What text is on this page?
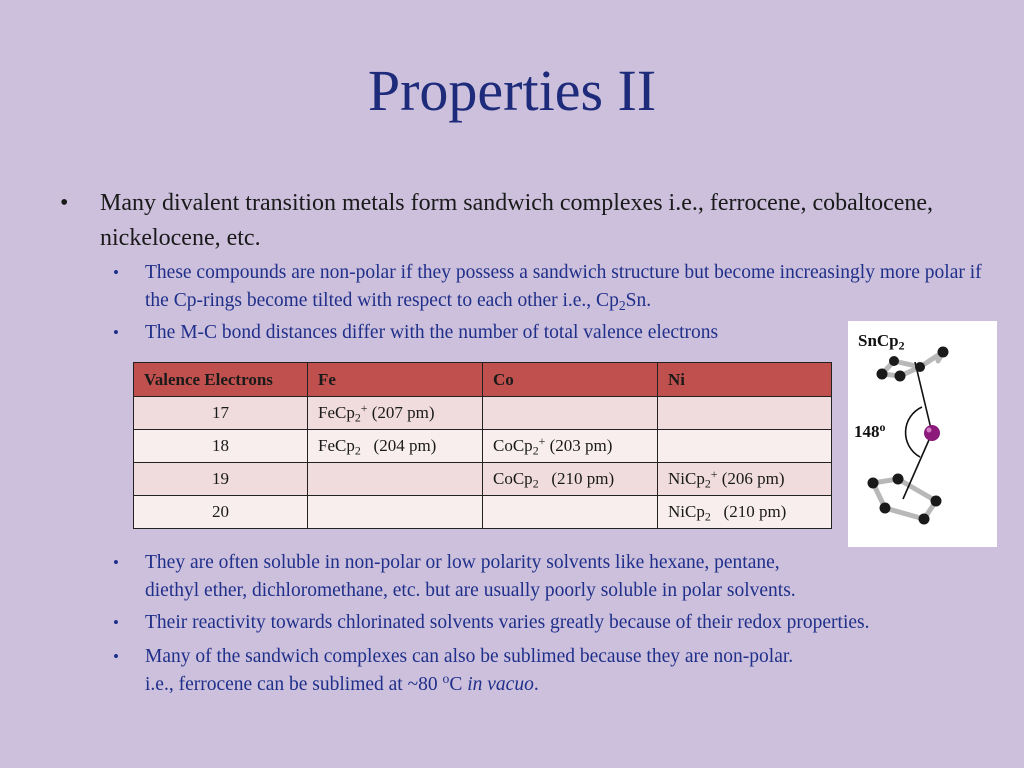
Properties II
• Many divalent transition metals form sandwich complexes i.e., ferrocene, cobaltocene, nickelocene, etc.
• These compounds are non-polar if they possess a sandwich structure but become increasingly more polar if the Cp-rings become tilted with respect to each other i.e., $Cp_2Sn$.
• The M-C bond distances differ with the number of total valence electrons
Valence Electrons	Fe	Co	Ni
17	FeCp$_2$+ (207 pm)		
18	FeCp$_2$   (204 pm)	CoCp$_2$+ (203 pm)	
19		CoCp$_2$   (210 pm)	NiCp$_2$+ (206 pm)
20			NiCp$_2$   (210 pm)
SnCp$_2$
148$^o$
• They are often soluble in non-polar or low polarity solvents like hexane, pentane,
diethyl ether, dichloromethane, etc. but are usually poorly soluble in polar solvents.
• Their reactivity towards chlorinated solvents varies greatly because of their redox properties.
• Many of the sandwich complexes can also be sublimed because they are non-polar.
i.e., ferrocene can be sublimed at ~80 $^o$C in vacuo.
